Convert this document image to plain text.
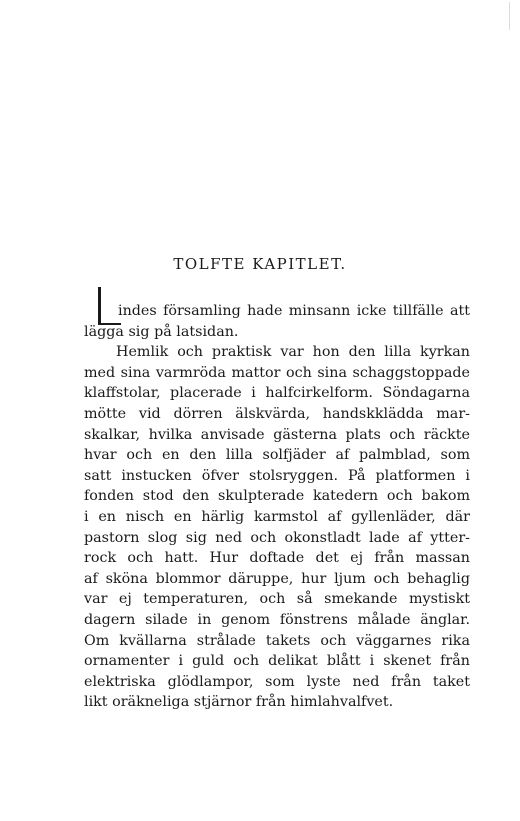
TOLFTE KAPITLET.
indes församling hade minsann icke tillfälle att
lägga sig på latsidan.
Hemlik och praktisk var hon den lilla kyrkan
med sina varmröda mattor och sina schaggstoppade
klaffstolar, placerade i halfcirkelform. Söndagarna
mötte vid dörren älskvärda, handskklädda mar-
skalkar, hvilka anvisade gästerna plats och räckte
hvar och en den lilla solfjäder af palmblad, som
satt instucken öfver stolsryggen. På platformen i
fonden stod den skulpterade katedern och bakom
i en nisch en härlig karmstol af gyllenläder, där
pastorn slog sig ned och okonstladt lade af ytter-
rock och hatt. Hur doftade det ej från massan
af sköna blommor däruppe, hur ljum och behaglig
var ej temperaturen, och så smekande mystiskt
dagern silade in genom fönstrens målade änglar.
Om kvällarna strålade takets och väggarnes rika
ornamenter i guld och delikat blått i skenet från
elektriska glödlampor, som lyste ned från taket
likt oräkneliga stjärnor från himlahvalfvet.
